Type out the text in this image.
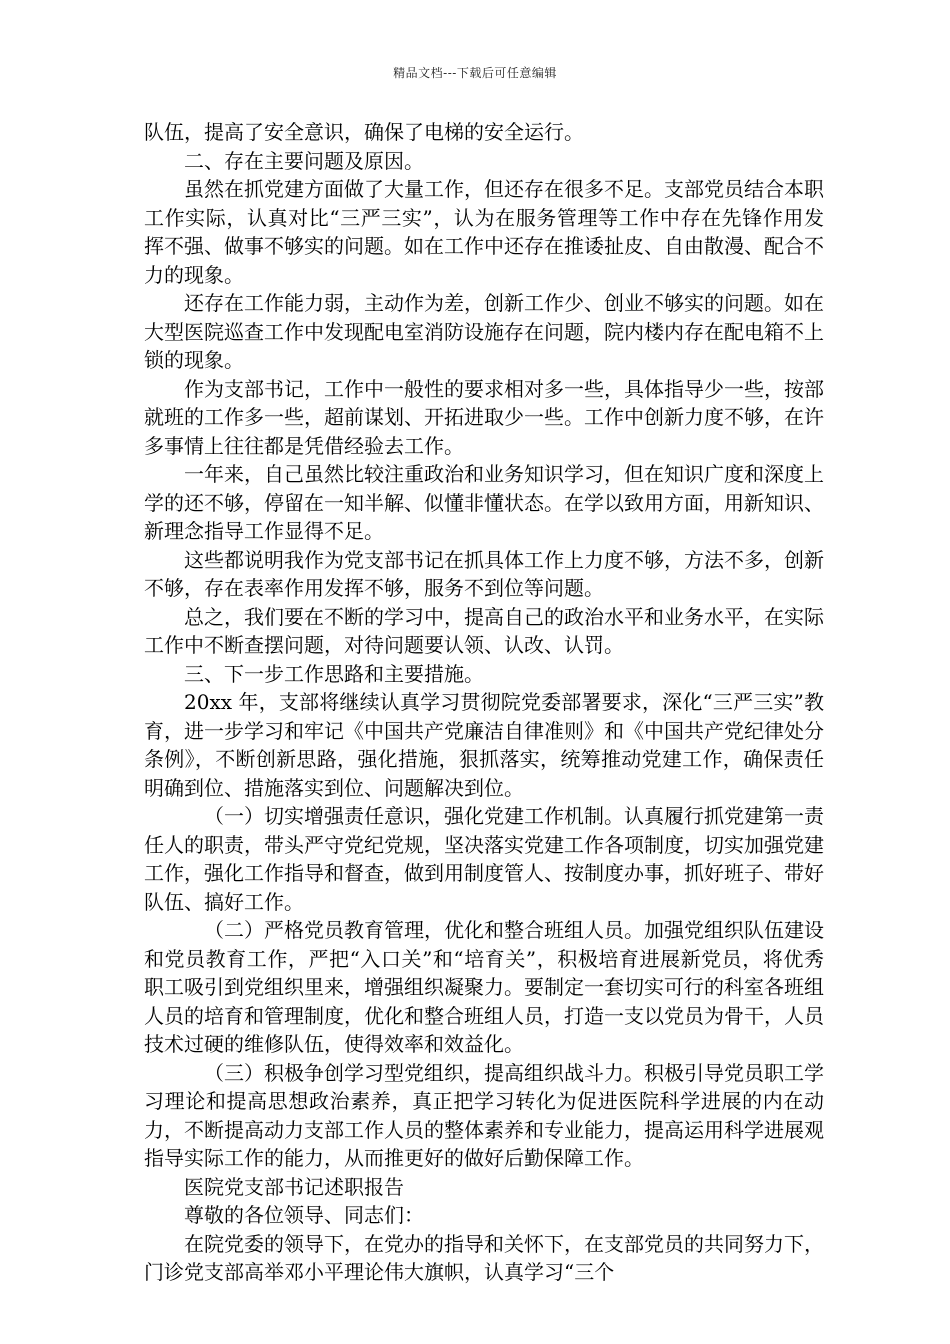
精品文档---下载后可任意编辑

队伍，提高了安全意识，确保了电梯的安全运行。

二、存在主要问题及原因。

虽然在抓党建方面做了大量工作，但还存在很多不足。支部党员结合本职工作实际，认真对比“三严三实”，认为在服务管理等工作中存在先锋作用发挥不强、做事不够实的问题。如在工作中还存在推诿扯皮、自由散漫、配合不力的现象。

还存在工作能力弱，主动作为差，创新工作少、创业不够实的问题。如在大型医院巡查工作中发现配电室消防设施存在问题，院内楼内存在配电箱不上锁的现象。

作为支部书记，工作中一般性的要求相对多一些，具体指导少一些，按部就班的工作多一些，超前谋划、开拓进取少一些。工作中创新力度不够，在许多事情上往往都是凭借经验去工作。

一年来，自己虽然比较注重政治和业务知识学习，但在知识广度和深度上学的还不够，停留在一知半解、似懂非懂状态。在学以致用方面，用新知识、新理念指导工作显得不足。

这些都说明我作为党支部书记在抓具体工作上力度不够，方法不多，创新不够，存在表率作用发挥不够，服务不到位等问题。

总之，我们要在不断的学习中，提高自己的政治水平和业务水平，在实际工作中不断查摆问题，对待问题要认领、认改、认罚。

三、下一步工作思路和主要措施。

20xx 年，支部将继续认真学习贯彻院党委部署要求，深化“三严三实”教育，进一步学习和牢记《中国共产党廉洁自律准则》和《中国共产党纪律处分条例》，不断创新思路，强化措施，狠抓落实，统筹推动党建工作，确保责任明确到位、措施落实到位、问题解决到位。

（一）切实增强责任意识，强化党建工作机制。认真履行抓党建第一责任人的职责，带头严守党纪党规，坚决落实党建工作各项制度，切实加强党建工作，强化工作指导和督查，做到用制度管人、按制度办事，抓好班子、带好队伍、搞好工作。

（二）严格党员教育管理，优化和整合班组人员。加强党组织队伍建设和党员教育工作，严把“入口关”和“培育关”，积极培育进展新党员，将优秀职工吸引到党组织里来，增强组织凝聚力。要制定一套切实可行的科室各班组人员的培育和管理制度，优化和整合班组人员，打造一支以党员为骨干，人员技术过硬的维修队伍，使得效率和效益化。

（三）积极争创学习型党组织，提高组织战斗力。积极引导党员职工学习理论和提高思想政治素养，真正把学习转化为促进医院科学进展的内在动力，不断提高动力支部工作人员的整体素养和专业能力，提高运用科学进展观指导实际工作的能力，从而推更好的做好后勤保障工作。

医院党支部书记述职报告

尊敬的各位领导、同志们：

在院党委的领导下，在党办的指导和关怀下，在支部党员的共同努力下，门诊党支部高举邓小平理论伟大旗帜，认真学习“三个
